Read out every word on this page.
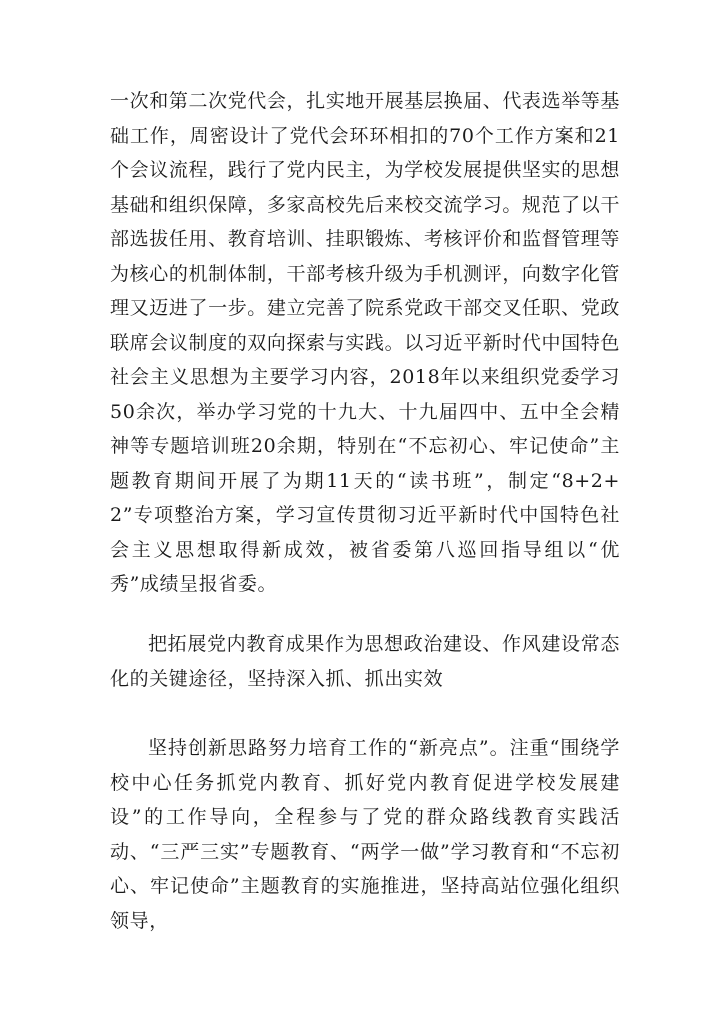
一次和第二次党代会，扎实地开展基层换届、代表选举等基础工作，周密设计了党代会环环相扣的70个工作方案和21个会议流程，践行了党内民主，为学校发展提供坚实的思想基础和组织保障，多家高校先后来校交流学习。规范了以干部选拔任用、教育培训、挂职锻炼、考核评价和监督管理等为核心的机制体制，干部考核升级为手机测评，向数字化管理又迈进了一步。建立完善了院系党政干部交叉任职、党政联席会议制度的双向探索与实践。以习近平新时代中国特色社会主义思想为主要学习内容，2018年以来组织党委学习50余次，举办学习党的十九大、十九届四中、五中全会精神等专题培训班20余期，特别在“不忘初心、牢记使命”主题教育期间开展了为期11天的“读书班”，制定“8+2+2”专项整治方案，学习宣传贯彻习近平新时代中国特色社会主义思想取得新成效，被省委第八巡回指导组以“优秀”成绩呈报省委。

把拓展党内教育成果作为思想政治建设、作风建设常态化的关键途径，坚持深入抓、抓出实效

坚持创新思路努力培育工作的“新亮点”。注重“围绕学校中心任务抓党内教育、抓好党内教育促进学校发展建设”的工作导向，全程参与了党的群众路线教育实践活动、“三严三实”专题教育、“两学一做”学习教育和“不忘初心、牢记使命”主题教育的实施推进，坚持高站位强化组织领导，
